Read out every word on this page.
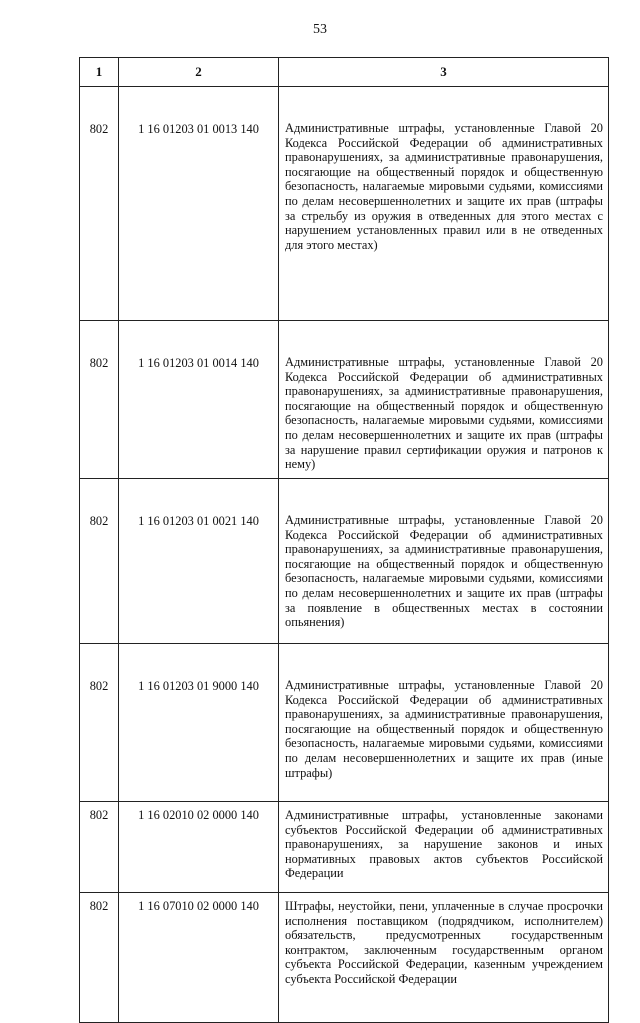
53
1	2	3
802	1 16 01203 01 0013 140	Административные штрафы, установленные Главой 20 Кодекса Российской Федерации об административных правонарушениях, за административные правонарушения, посягающие на общественный порядок и общественную безопасность, налагаемые мировыми судьями, комиссиями по делам несовершеннолетних и защите их прав (штрафы за стрельбу из оружия в отведенных для этого местах с нарушением установленных правил или в не отведенных для этого местах)
802	1 16 01203 01 0014 140	Административные штрафы, установленные Главой 20 Кодекса Российской Федерации об административных правонарушениях, за административные правонарушения, посягающие на общественный порядок и общественную безопасность, налагаемые мировыми судьями, комиссиями по делам несовершеннолетних и защите их прав (штрафы за нарушение правил сертификации оружия и патронов к нему)
802	1 16 01203 01 0021 140	Административные штрафы, установленные Главой 20 Кодекса Российской Федерации об административных правонарушениях, за административные правонарушения, посягающие на общественный порядок и общественную безопасность, налагаемые мировыми судьями, комиссиями по делам несовершеннолетних и защите их прав (штрафы за появление в общественных местах в состоянии опьянения)
802	1 16 01203 01 9000 140	Административные штрафы, установленные Главой 20 Кодекса Российской Федерации об административных правонарушениях, за административные правонарушения, посягающие на общественный порядок и общественную безопасность, налагаемые мировыми судьями, комиссиями по делам несовершеннолетних и защите их прав (иные штрафы)
802	1 16 02010 02 0000 140	Административные штрафы, установленные законами субъектов Российской Федерации об административных правонарушениях, за нарушение законов и иных нормативных правовых актов субъектов Российской Федерации
802	1 16 07010 02 0000 140	Штрафы, неустойки, пени, уплаченные в случае просрочки исполнения поставщиком (подрядчиком, исполнителем) обязательств, предусмотренных государственным контрактом, заключенным государственным органом субъекта Российской Федерации, казенным учреждением субъекта Российской Федерации
